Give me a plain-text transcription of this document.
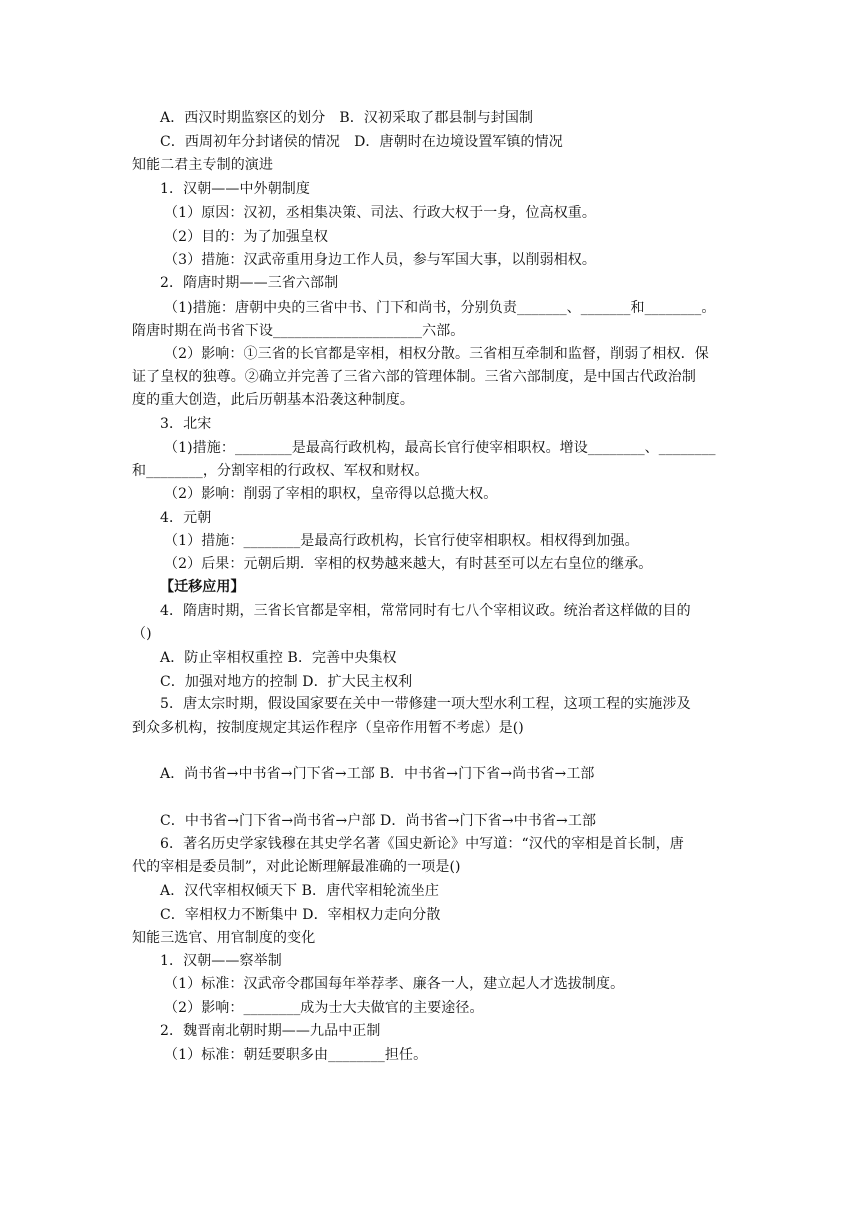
A．西汉时期监察区的划分　B．汉初采取了郡县制与封国制
C．西周初年分封诸侯的情况　D．唐朝时在边境设置军镇的情况
知能二君主专制的演进
1．汉朝——中外朝制度
（1）原因：汉初，丞相集决策、司法、行政大权于一身，位高权重。
（2）目的：为了加强皇权
（3）措施：汉武帝重用身边工作人员，参与军国大事，以削弱相权。
2．隋唐时期——三省六部制
（1)措施：唐朝中央的三省中书、门下和尚书，分别负责_______、_______和________。
隋唐时期在尚书省下设_____________________六部。
（2）影响：①三省的长官都是宰相，相权分散。三省相互牵制和监督，削弱了相权．保
证了皇权的独尊。②确立并完善了三省六部的管理体制。三省六部制度，是中国古代政治制
度的重大创造，此后历朝基本沿袭这种制度。
3．北宋
（1)措施：________是最高行政机构，最高长官行使宰相职权。增设________、________
和________，分割宰相的行政权、军权和财权。
（2）影响：削弱了宰相的职权，皇帝得以总揽大权。
4．元朝
（1）措施：________是最高行政机构，长官行使宰相职权。相权得到加强。
（2）后果：元朝后期．宰相的权势越来越大，有时甚至可以左右皇位的继承。
【迁移应用】
4．隋唐时期，三省长官都是宰相，常常同时有七八个宰相议政。统治者这样做的目的
（)
A．防止宰相权重控 B．完善中央集权
C．加强对地方的控制 D．扩大民主权利
5．唐太宗时期，假设国家要在关中一带修建一项大型水利工程，这项工程的实施涉及
到众多机构，按制度规定其运作程序（皇帝作用暂不考虑）是()
A．尚书省→中书省→门下省→工部 B．中书省→门下省→尚书省→工部
C．中书省→门下省→尚书省→户部 D．尚书省→门下省→中书省→工部
6．著名历史学家钱穆在其史学名著《国史新论》中写道：“汉代的宰相是首长制，唐
代的宰相是委员制”，对此论断理解最准确的一项是()
A．汉代宰相权倾天下 B．唐代宰相轮流坐庄
C．宰相权力不断集中 D．宰相权力走向分散
知能三选官、用官制度的变化
1．汉朝——察举制
（1）标准：汉武帝令郡国每年举荐孝、廉各一人，建立起人才选拔制度。
（2）影响：________成为士大夫做官的主要途径。
2．魏晋南北朝时期——九品中正制
（1）标准：朝廷要职多由________担任。
